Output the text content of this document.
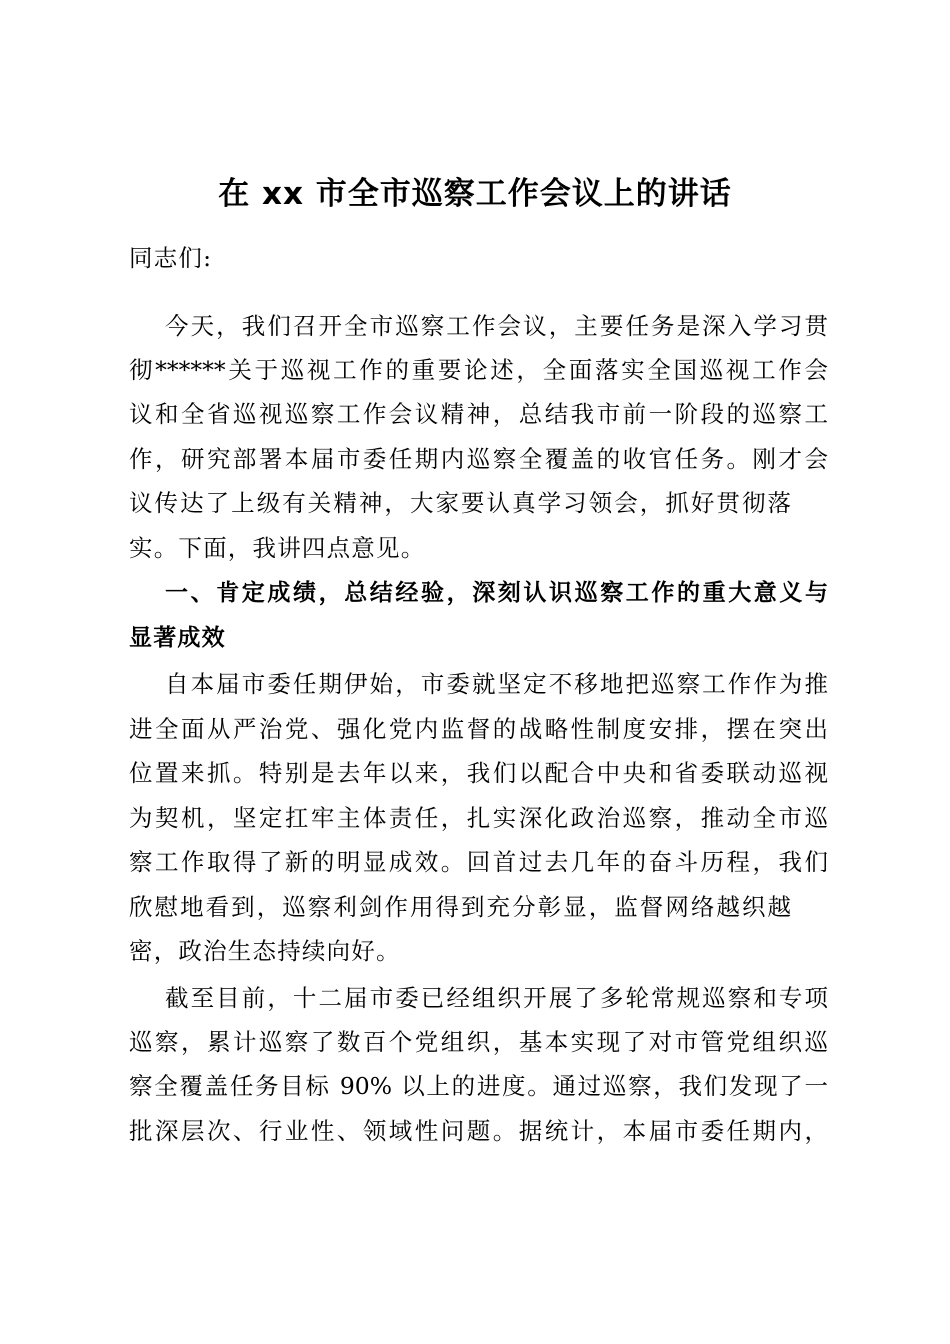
在 xx 市全市巡察工作会议上的讲话
同志们:
今天，我们召开全市巡察工作会议，主要任务是深入学习贯
彻******关于巡视工作的重要论述，全面落实全国巡视工作会
议和全省巡视巡察工作会议精神，总结我市前一阶段的巡察工
作，研究部署本届市委任期内巡察全覆盖的收官任务。刚才会
议传达了上级有关精神，大家要认真学习领会，抓好贯彻落
实。下面，我讲四点意见。
一、肯定成绩，总结经验，深刻认识巡察工作的重大意义与
显著成效
自本届市委任期伊始，市委就坚定不移地把巡察工作作为推
进全面从严治党、强化党内监督的战略性制度安排，摆在突出
位置来抓。特别是去年以来，我们以配合中央和省委联动巡视
为契机，坚定扛牢主体责任，扎实深化政治巡察，推动全市巡
察工作取得了新的明显成效。回首过去几年的奋斗历程，我们
欣慰地看到，巡察利剑作用得到充分彰显，监督网络越织越
密，政治生态持续向好。
截至目前，十二届市委已经组织开展了多轮常规巡察和专项
巡察，累计巡察了数百个党组织，基本实现了对市管党组织巡
察全覆盖任务目标 90% 以上的进度。通过巡察，我们发现了一
批深层次、行业性、领域性问题。据统计，本届市委任期内，
